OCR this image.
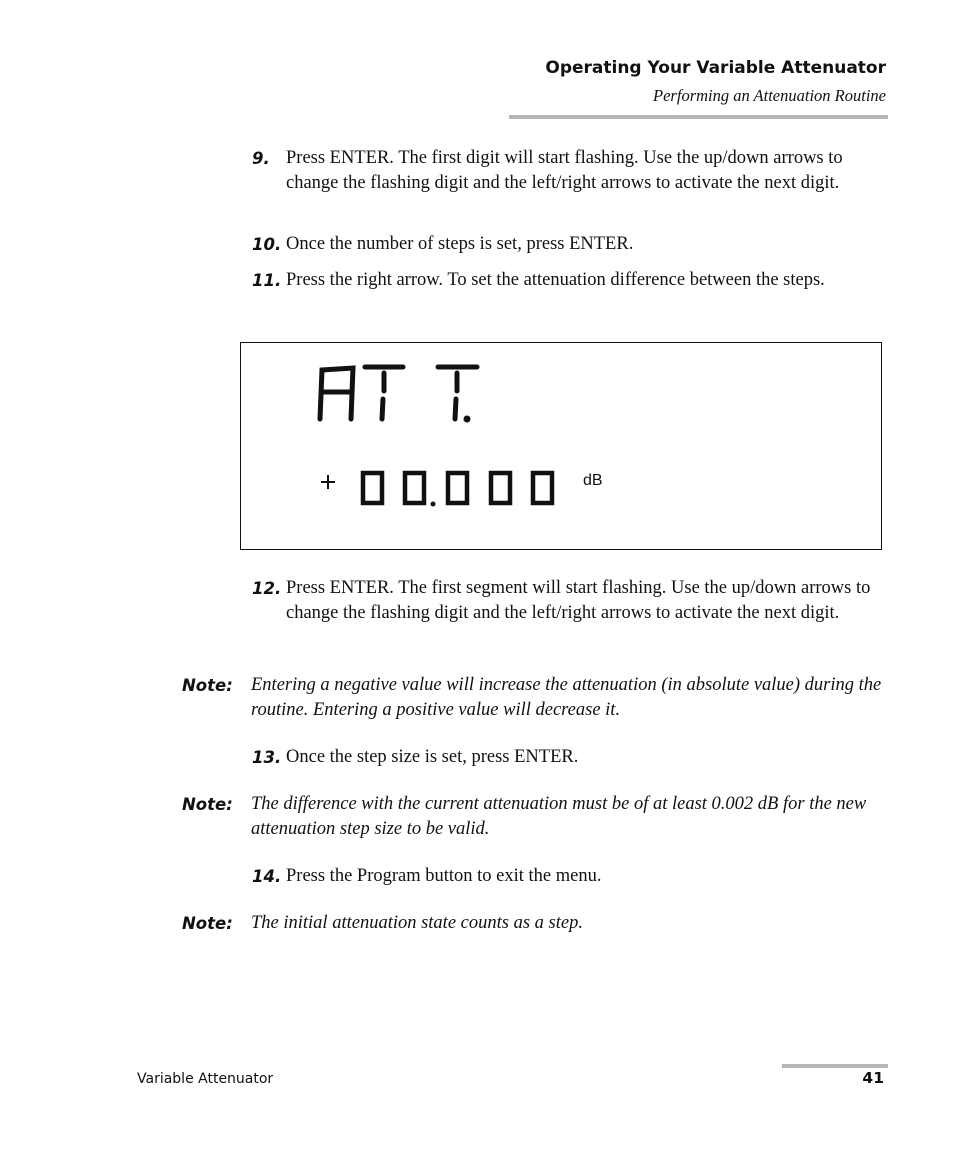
Operating Your Variable Attenuator
Performing an Attenuation Routine
9. Press ENTER. The first digit will start flashing. Use the up/down arrows to change the flashing digit and the left/right arrows to activate the next digit.
10. Once the number of steps is set, press ENTER.
11. Press the right arrow. To set the attenuation difference between the steps.
dB
12. Press ENTER. The first segment will start flashing. Use the up/down arrows to change the flashing digit and the left/right arrows to activate the next digit.
Note: Entering a negative value will increase the attenuation (in absolute value) during the routine. Entering a positive value will decrease it.
13. Once the step size is set, press ENTER.
Note: The difference with the current attenuation must be of at least 0.002 dB for the new attenuation step size to be valid.
14. Press the Program button to exit the menu.
Note: The initial attenuation state counts as a step.
Variable Attenuator	41
